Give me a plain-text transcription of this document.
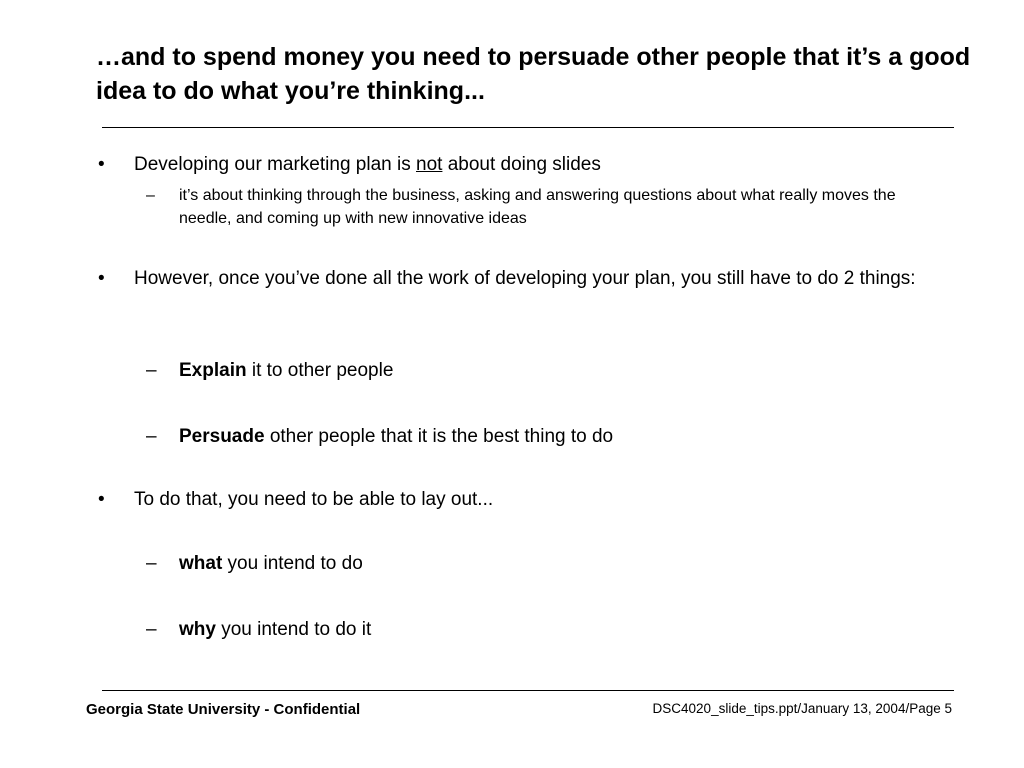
…and to spend money you need to persuade other people that it’s a good idea to do what you’re thinking...
• Developing our marketing plan is not about doing slides
– it’s about thinking through the business, asking and answering questions about what really moves the needle, and coming up with new innovative ideas
• However, once you’ve done all the work of developing your plan, you still have to do 2 things:
– Explain it to other people
– Persuade other people that it is the best thing to do
• To do that, you need to be able to lay out...
– what you intend to do
– why you intend to do it
Georgia State University - Confidential	DSC4020_slide_tips.ppt/January 13, 2004/Page 5
